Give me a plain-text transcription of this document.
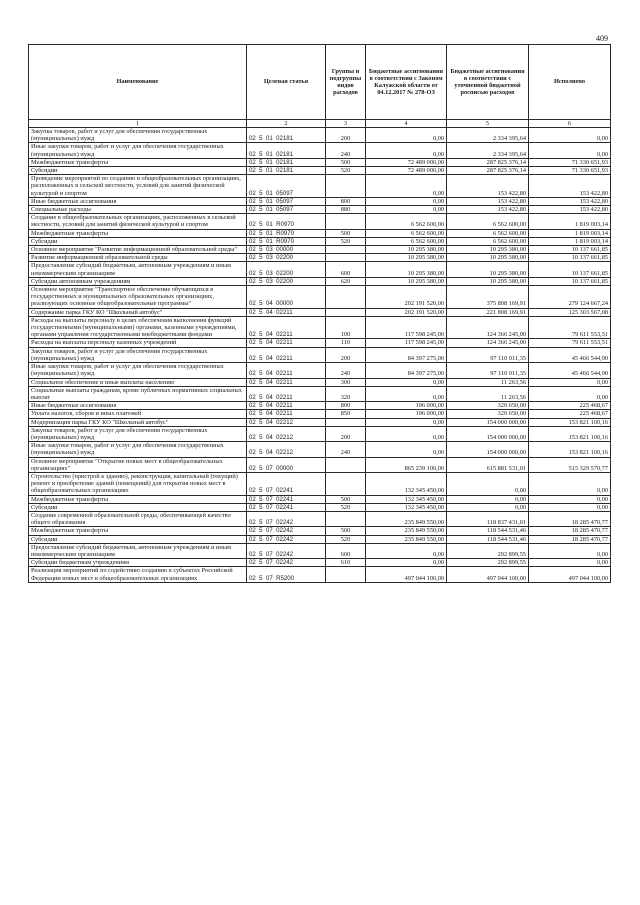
409
Наименование	Целевая статья	Группы и подгруппы видов расходов	Бюджетные ассигнования в соответствии с Законом Калужской области от 04.12.2017 № 278-ОЗ	Бюджетные ассигнования в соответствии с уточненной бюджетной росписью расходов	Исполнено
1	2	3	4	5	6
Закупка товаров, работ и услуг для обеспечения государственных (муниципальных) нужд	02  5  01  02181	200	0,00	2 334 395,64	0,00
Иные закупки товаров, работ и услуг для обеспечения государственных (муниципальных) нужд	02  5  01  02181	240	0,00	2 334 395,64	0,00
Межбюджетные трансферты	02  5  01  02181	500	72 489 000,00	287 825 376,14	71 330 651,93
Субсидии	02  5  01  02181	520	72 489 000,00	287 825 376,14	71 330 651,93
Проведение мероприятий по созданию в общеобразовательных организациях, расположенных в сельской местности, условий для занятий физической культурой и спортом	02  5  01  05097		0,00	153 422,80	153 422,80
Иные бюджетные ассигнования	02  5  01  05097	800	0,00	153 422,80	153 422,80
Специальные расходы	02  5  01  05097	880	0,00	153 422,80	153 422,80
Создание в общеобразовательных организациях, расположенных в сельской местности, условий для занятий физической культурой и спортом	02  5  01  R0970		6 562 600,00	6 562 600,00	1 819 003,14
Межбюджетные трансферты	02  5  01  R0970	500	6 562 600,00	6 562 600,00	1 819 003,14
Субсидии	02  5  01  R0970	520	6 562 600,00	6 562 600,00	1 819 003,14
Основное мероприятие "Развитие информационной образовательной среды"	02  5  03  00000		10 295 380,00	10 295 380,00	10 137 661,85
Развитие информационной образовательной среды	02  5  03  02200		10 295 380,00	10 295 380,00	10 137 661,85
Предоставление субсидий бюджетным, автономным учреждениям и иным некоммерческим организациям	02  5  03  02200	600	10 295 380,00	10 295 380,00	10 137 661,85
Субсидии автономным учреждениям	02  5  03  02200	620	10 295 380,00	10 295 380,00	10 137 661,85
Основное мероприятие "Транспортное обеспечение обучающихся в государственных и муниципальных образовательных организациях, реализующих основные общеобразовательные программы"	02  5  04  00000		202 191 520,00	375 808 169,91	279 124 667,24
Содержание парка ГКУ КО "Школьный автобус"	02  5  04  02211		202 191 520,00	221 808 169,91	125 303 567,08
Расходы на выплаты персоналу в целях обеспечения выполнения функций государственными (муниципальными) органами, казенными учреждениями, органами управления государственными внебюджетными фондами	02  5  04  02211	100	117 598 245,00	124 366 245,00	79 611 553,51
Расходы на выплаты персоналу казенных учреждений	02  5  04  02211	110	117 598 245,00	124 366 245,00	79 611 553,51
Закупка товаров, работ и услуг для обеспечения государственных (муниципальных) нужд	02  5  04  02211	200	84 397 275,00	97 110 011,35	45 466 544,90
Иные закупки товаров, работ и услуг для обеспечения государственных (муниципальных) нужд	02  5  04  02211	240	84 397 275,00	97 110 011,35	45 466 544,90
Социальное обеспечение и иные выплаты населению	02  5  04  02211	300	0,00	11 263,56	0,00
Социальные выплаты гражданам, кроме публичных нормативных социальных выплат	02  5  04  02211	320	0,00	11 263,56	0,00
Иные бюджетные ассигнования	02  5  04  02211	800	196 000,00	320 650,00	225 468,67
Уплата налогов, сборов и иных платежей	02  5  04  02211	850	196 000,00	320 650,00	225 468,67
Модернизация парка ГКУ КО "Школьный автобус"	02  5  04  02212		0,00	154 000 000,00	153 821 100,16
Закупка товаров, работ и услуг для обеспечения государственных (муниципальных) нужд	02  5  04  02212	200	0,00	154 000 000,00	153 821 100,16
Иные закупки товаров, работ и услуг для обеспечения государственных (муниципальных) нужд	02  5  04  02212	240	0,00	154 000 000,00	153 821 100,16
Основное мероприятие "Открытие новых мест в общеобразовательных организациях"	02  5  07  00000		865 239 100,00	615 881 531,01	515 329 570,77
Строительство (пристрой к зданию), реконструкция, капитальный (текущий) ремонт и приобретение зданий (помещений) для открытия новых мест в общеобразовательных организациях	02  5  07  02241		132 345 450,00	0,00	0,00
Межбюджетные трансферты	02  5  07  02241	500	132 345 450,00	0,00	0,00
Субсидии	02  5  07  02241	520	132 345 450,00	0,00	0,00
Создание современной образовательной среды, обеспечивающей качество общего образования	02  5  07  02242		235 849 550,00	118 837 431,01	18 285 470,77
Межбюджетные трансферты	02  5  07  02242	500	235 849 550,00	118 544 531,46	18 285 470,77
Субсидии	02  5  07  02242	520	235 849 550,00	118 544 531,46	18 285 470,77
Предоставление субсидий бюджетным, автономным учреждениям и иным некоммерческим организациям	02  5  07  02242	600	0,00	292 899,55	0,00
Субсидии бюджетным учреждениям	02  5  07  02242	610	0,00	292 899,55	0,00
Реализация мероприятий по содействию созданию в субъектах Российской Федерации новых мест в общеобразовательных организациях	02  5  07  R5200		497 044 100,00	497 044 100,00	497 044 100,00
